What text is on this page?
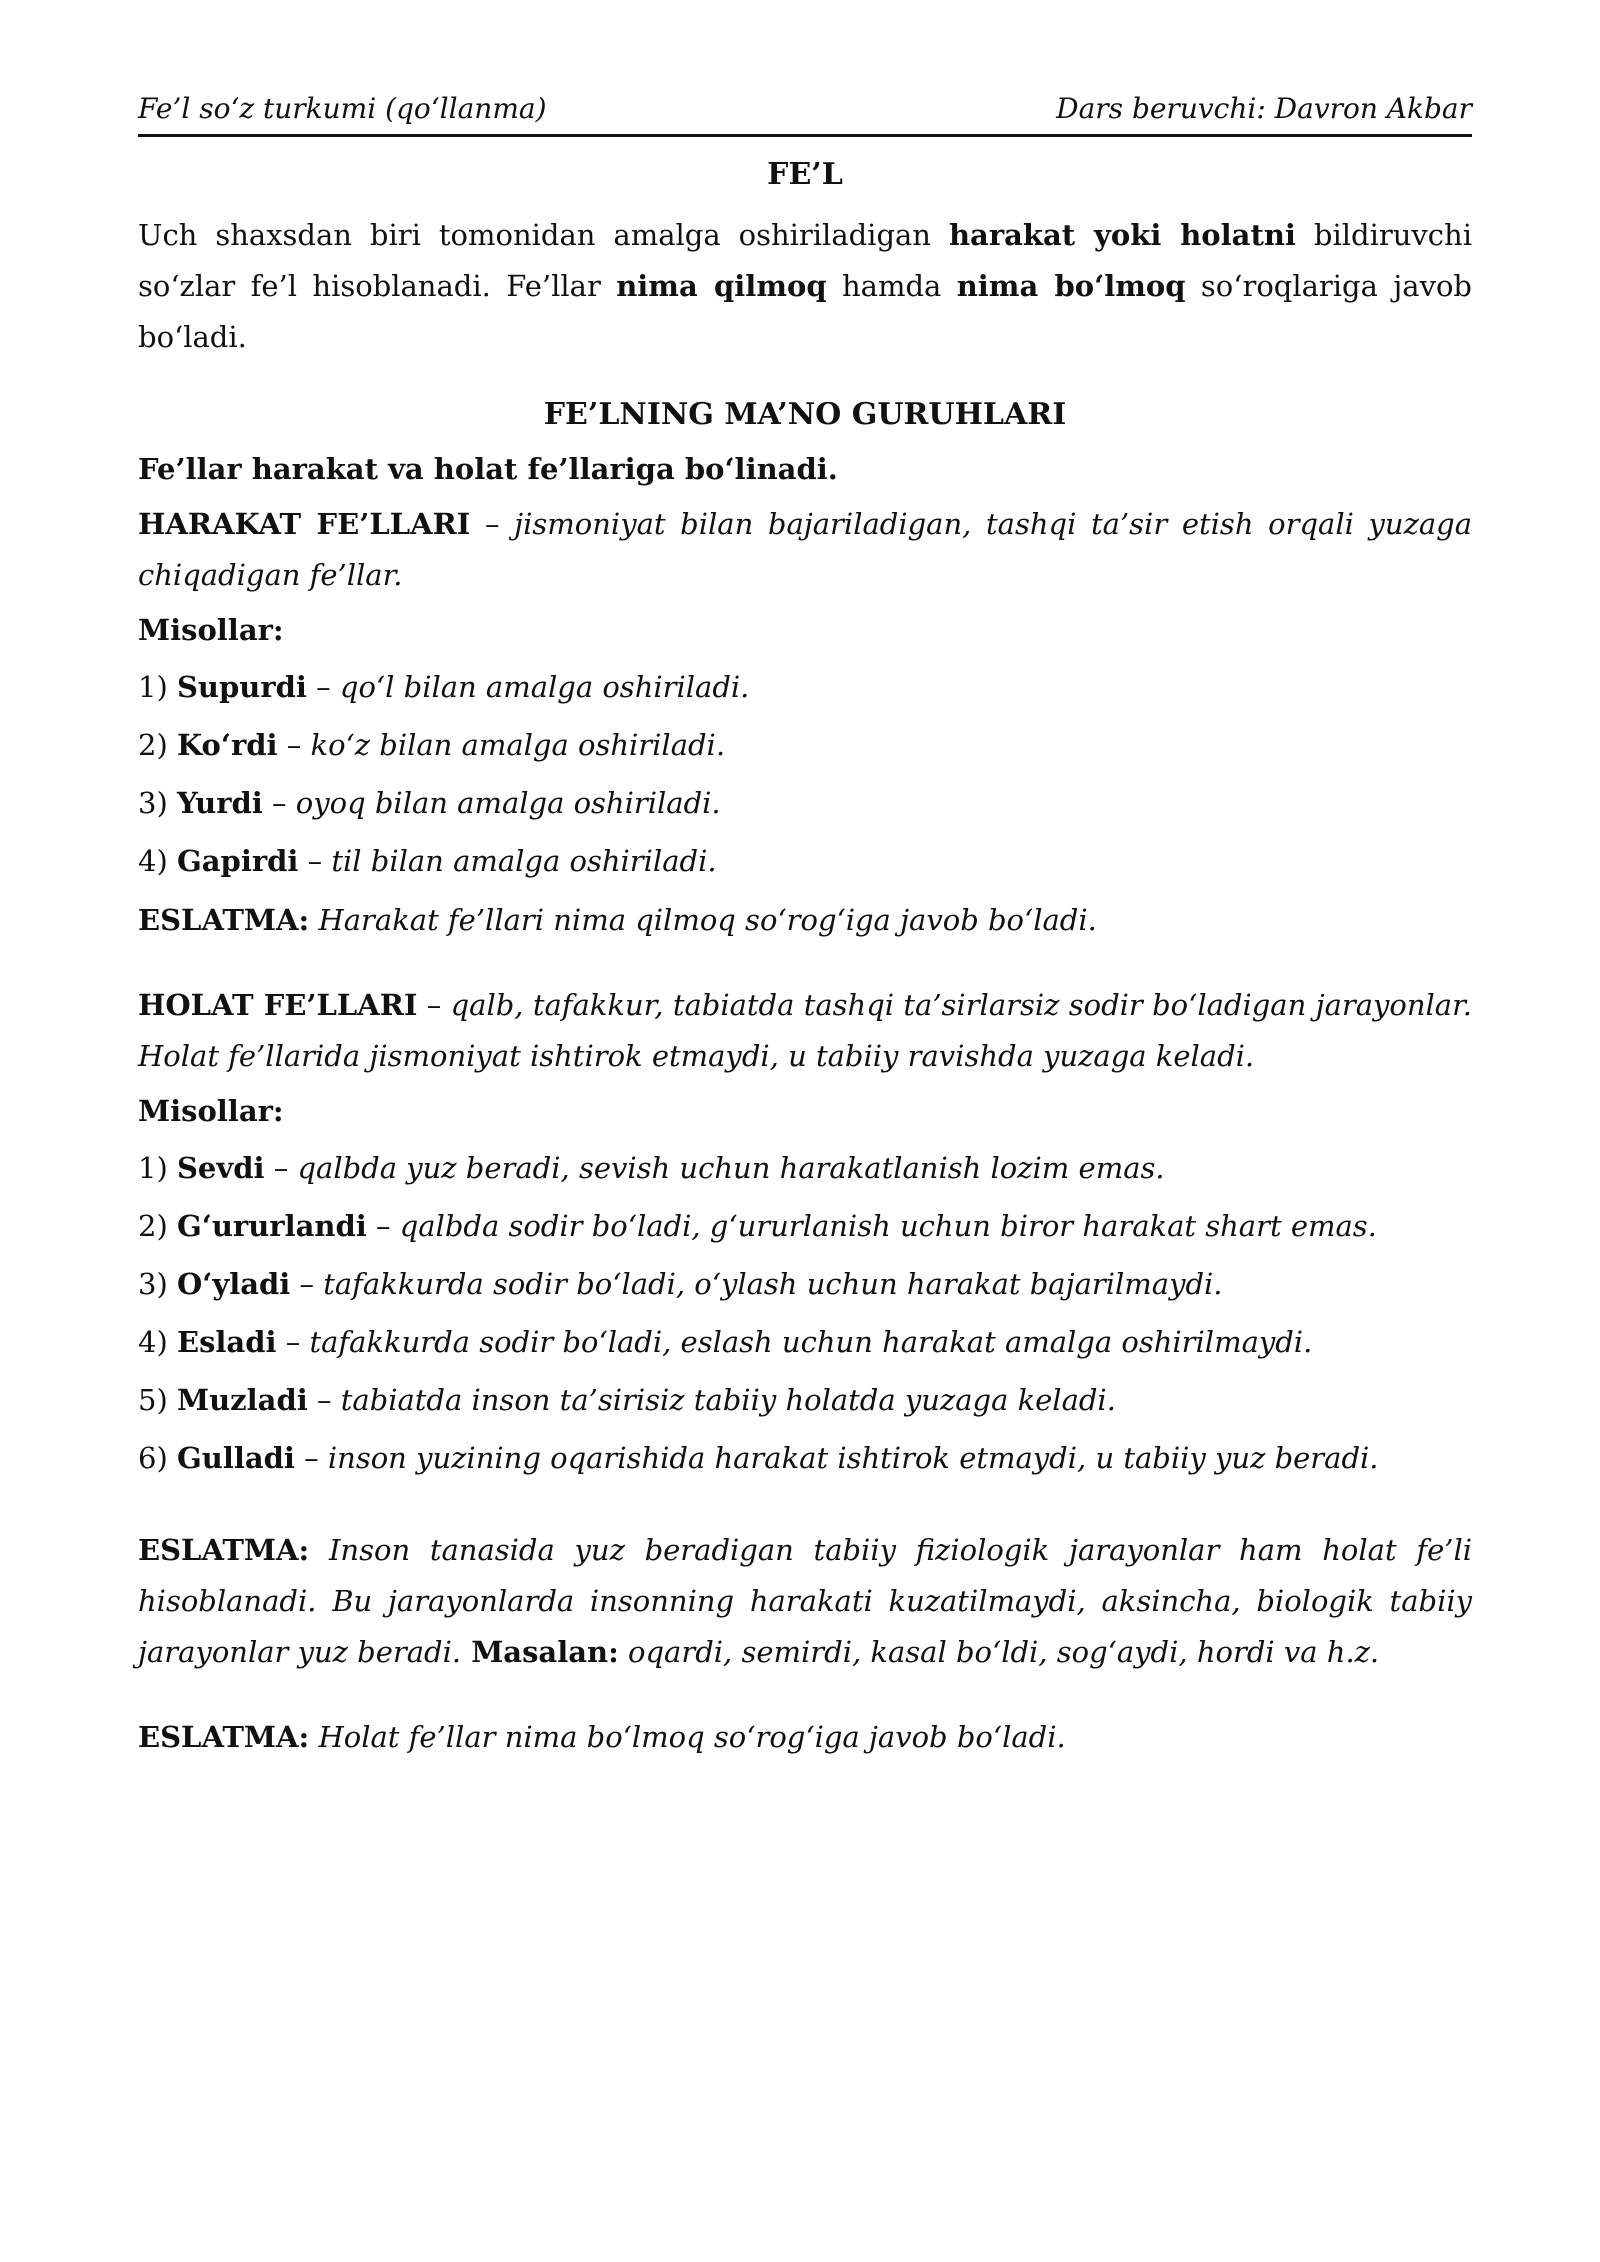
Fe’l so‘z turkumi (qo‘llanma)	Dars beruvchi: Davron Akbar
FE’L

Uch shaxsdan biri tomonidan amalga oshiriladigan harakat yoki holatni bildiruvchi so‘zlar fe’l hisoblanadi. Fe’llar nima qilmoq hamda nima bo‘lmoq so‘roqlariga javob bo‘ladi.

FE’LNING MA’NO GURUHLARI

Fe’llar harakat va holat fe’llariga bo‘linadi.

HARAKAT FE’LLARI – jismoniyat bilan bajariladigan, tashqi ta’sir etish orqali yuzaga chiqadigan fe’llar.

Misollar:

1) Supurdi – qo‘l bilan amalga oshiriladi.
2) Ko‘rdi – ko‘z bilan amalga oshiriladi.
3) Yurdi – oyoq bilan amalga oshiriladi.
4) Gapirdi – til bilan amalga oshiriladi.

ESLATMA: Harakat fe’llari nima qilmoq so‘rog‘iga javob bo‘ladi.

HOLAT FE’LLARI – qalb, tafakkur, tabiatda tashqi ta’sirlarsiz sodir bo‘ladigan jarayonlar. Holat fe’llarida jismoniyat ishtirok etmaydi, u tabiiy ravishda yuzaga keladi.

Misollar:

1) Sevdi – qalbda yuz beradi, sevish uchun harakatlanish lozim emas.
2) G‘ururlandi – qalbda sodir bo‘ladi, g‘ururlanish uchun biror harakat shart emas.
3) O‘yladi – tafakkurda sodir bo‘ladi, o‘ylash uchun harakat bajarilmaydi.
4) Esladi – tafakkurda sodir bo‘ladi, eslash uchun harakat amalga oshirilmaydi.
5) Muzladi – tabiatda inson ta’sirisiz tabiiy holatda yuzaga keladi.
6) Gulladi – inson yuzining oqarishida harakat ishtirok etmaydi, u tabiiy yuz beradi.

ESLATMA: Inson tanasida yuz beradigan tabiiy fiziologik jarayonlar ham holat fe’li hisoblanadi. Bu jarayonlarda insonning harakati kuzatilmaydi, aksincha, biologik tabiiy jarayonlar yuz beradi. Masalan: oqardi, semirdi, kasal bo‘ldi, sog‘aydi, hordi va h.z.

ESLATMA: Holat fe’llar nima bo‘lmoq so‘rog‘iga javob bo‘ladi.
